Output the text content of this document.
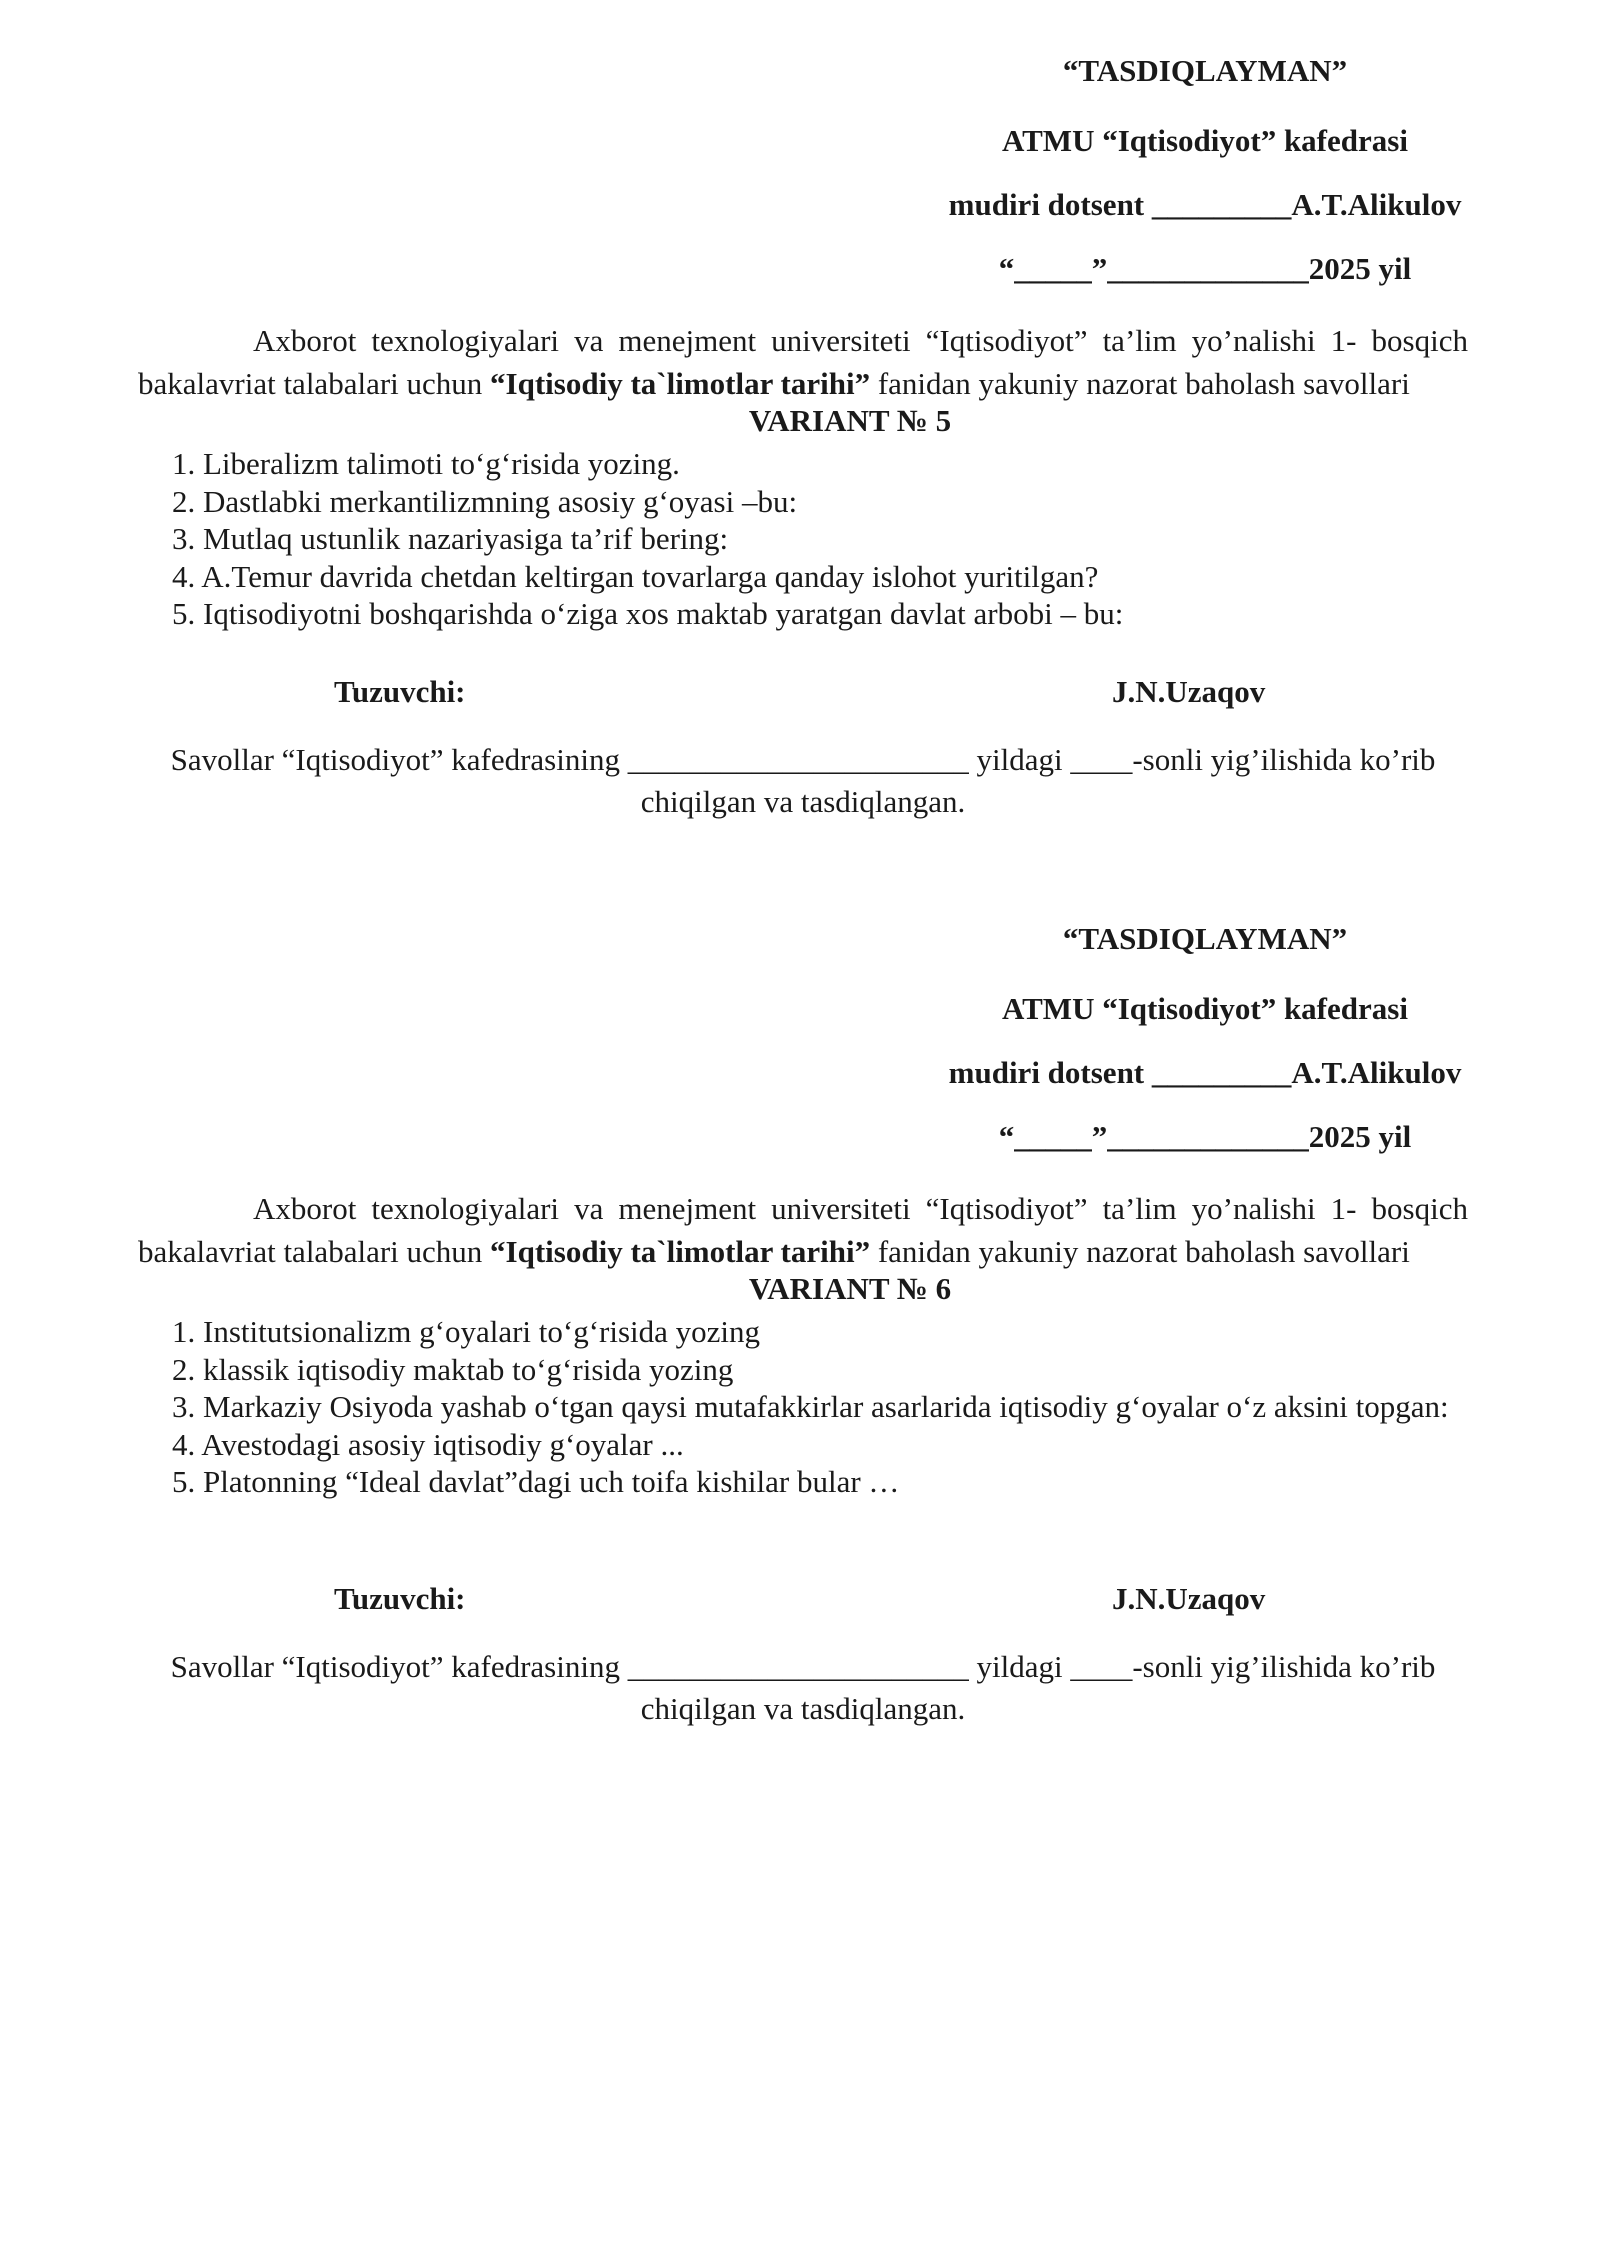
“TASDIQLAYMAN”
ATMU “Iqtisodiyot” kafedrasi
mudiri dotsent _________A.T.Alikulov
“_____”_____________2025 yil
Axborot texnologiyalari va menejment universiteti “Iqtisodiyot” ta’lim yo’nalishi 1- bosqich bakalavriat talabalari uchun “Iqtisodiy ta`limotlar tarihi” fanidan yakuniy nazorat baholash savollari
VARIANT № 5
1. Liberalizm talimoti to‘g‘risida yozing.
2. Dastlabki merkantilizmning asosiy g‘oyasi –bu:
3. Mutlaq ustunlik nazariyasiga ta’rif bering:
4. A.Temur davrida chetdan keltirgan tovarlarga qanday islohot yuritilgan?
5. Iqtisodiyotni boshqarishda o‘ziga xos maktab yaratgan davlat arbobi – bu:
Tuzuvchi:	J.N.Uzaqov
Savollar “Iqtisodiyot” kafedrasining ______________________ yildagi ____-sonli yig’ilishida ko’rib chiqilgan va tasdiqlangan.
“TASDIQLAYMAN”
ATMU “Iqtisodiyot” kafedrasi
mudiri dotsent _________A.T.Alikulov
“_____”_____________2025 yil
Axborot texnologiyalari va menejment universiteti “Iqtisodiyot” ta’lim yo’nalishi 1- bosqich bakalavriat talabalari uchun “Iqtisodiy ta`limotlar tarihi” fanidan yakuniy nazorat baholash savollari
VARIANT № 6
1. Institutsionalizm g‘oyalari to‘g‘risida yozing
2. klassik iqtisodiy maktab to‘g‘risida yozing
3. Markaziy Osiyoda yashab o‘tgan qaysi mutafakkirlar asarlarida iqtisodiy g‘oyalar o‘z aksini topgan:
4. Avestodagi asosiy iqtisodiy g‘oyalar ...
5. Platonning “Ideal davlat”dagi uch toifa kishilar bular …
Tuzuvchi:	J.N.Uzaqov
Savollar “Iqtisodiyot” kafedrasining ______________________ yildagi ____-sonli yig’ilishida ko’rib chiqilgan va tasdiqlangan.
